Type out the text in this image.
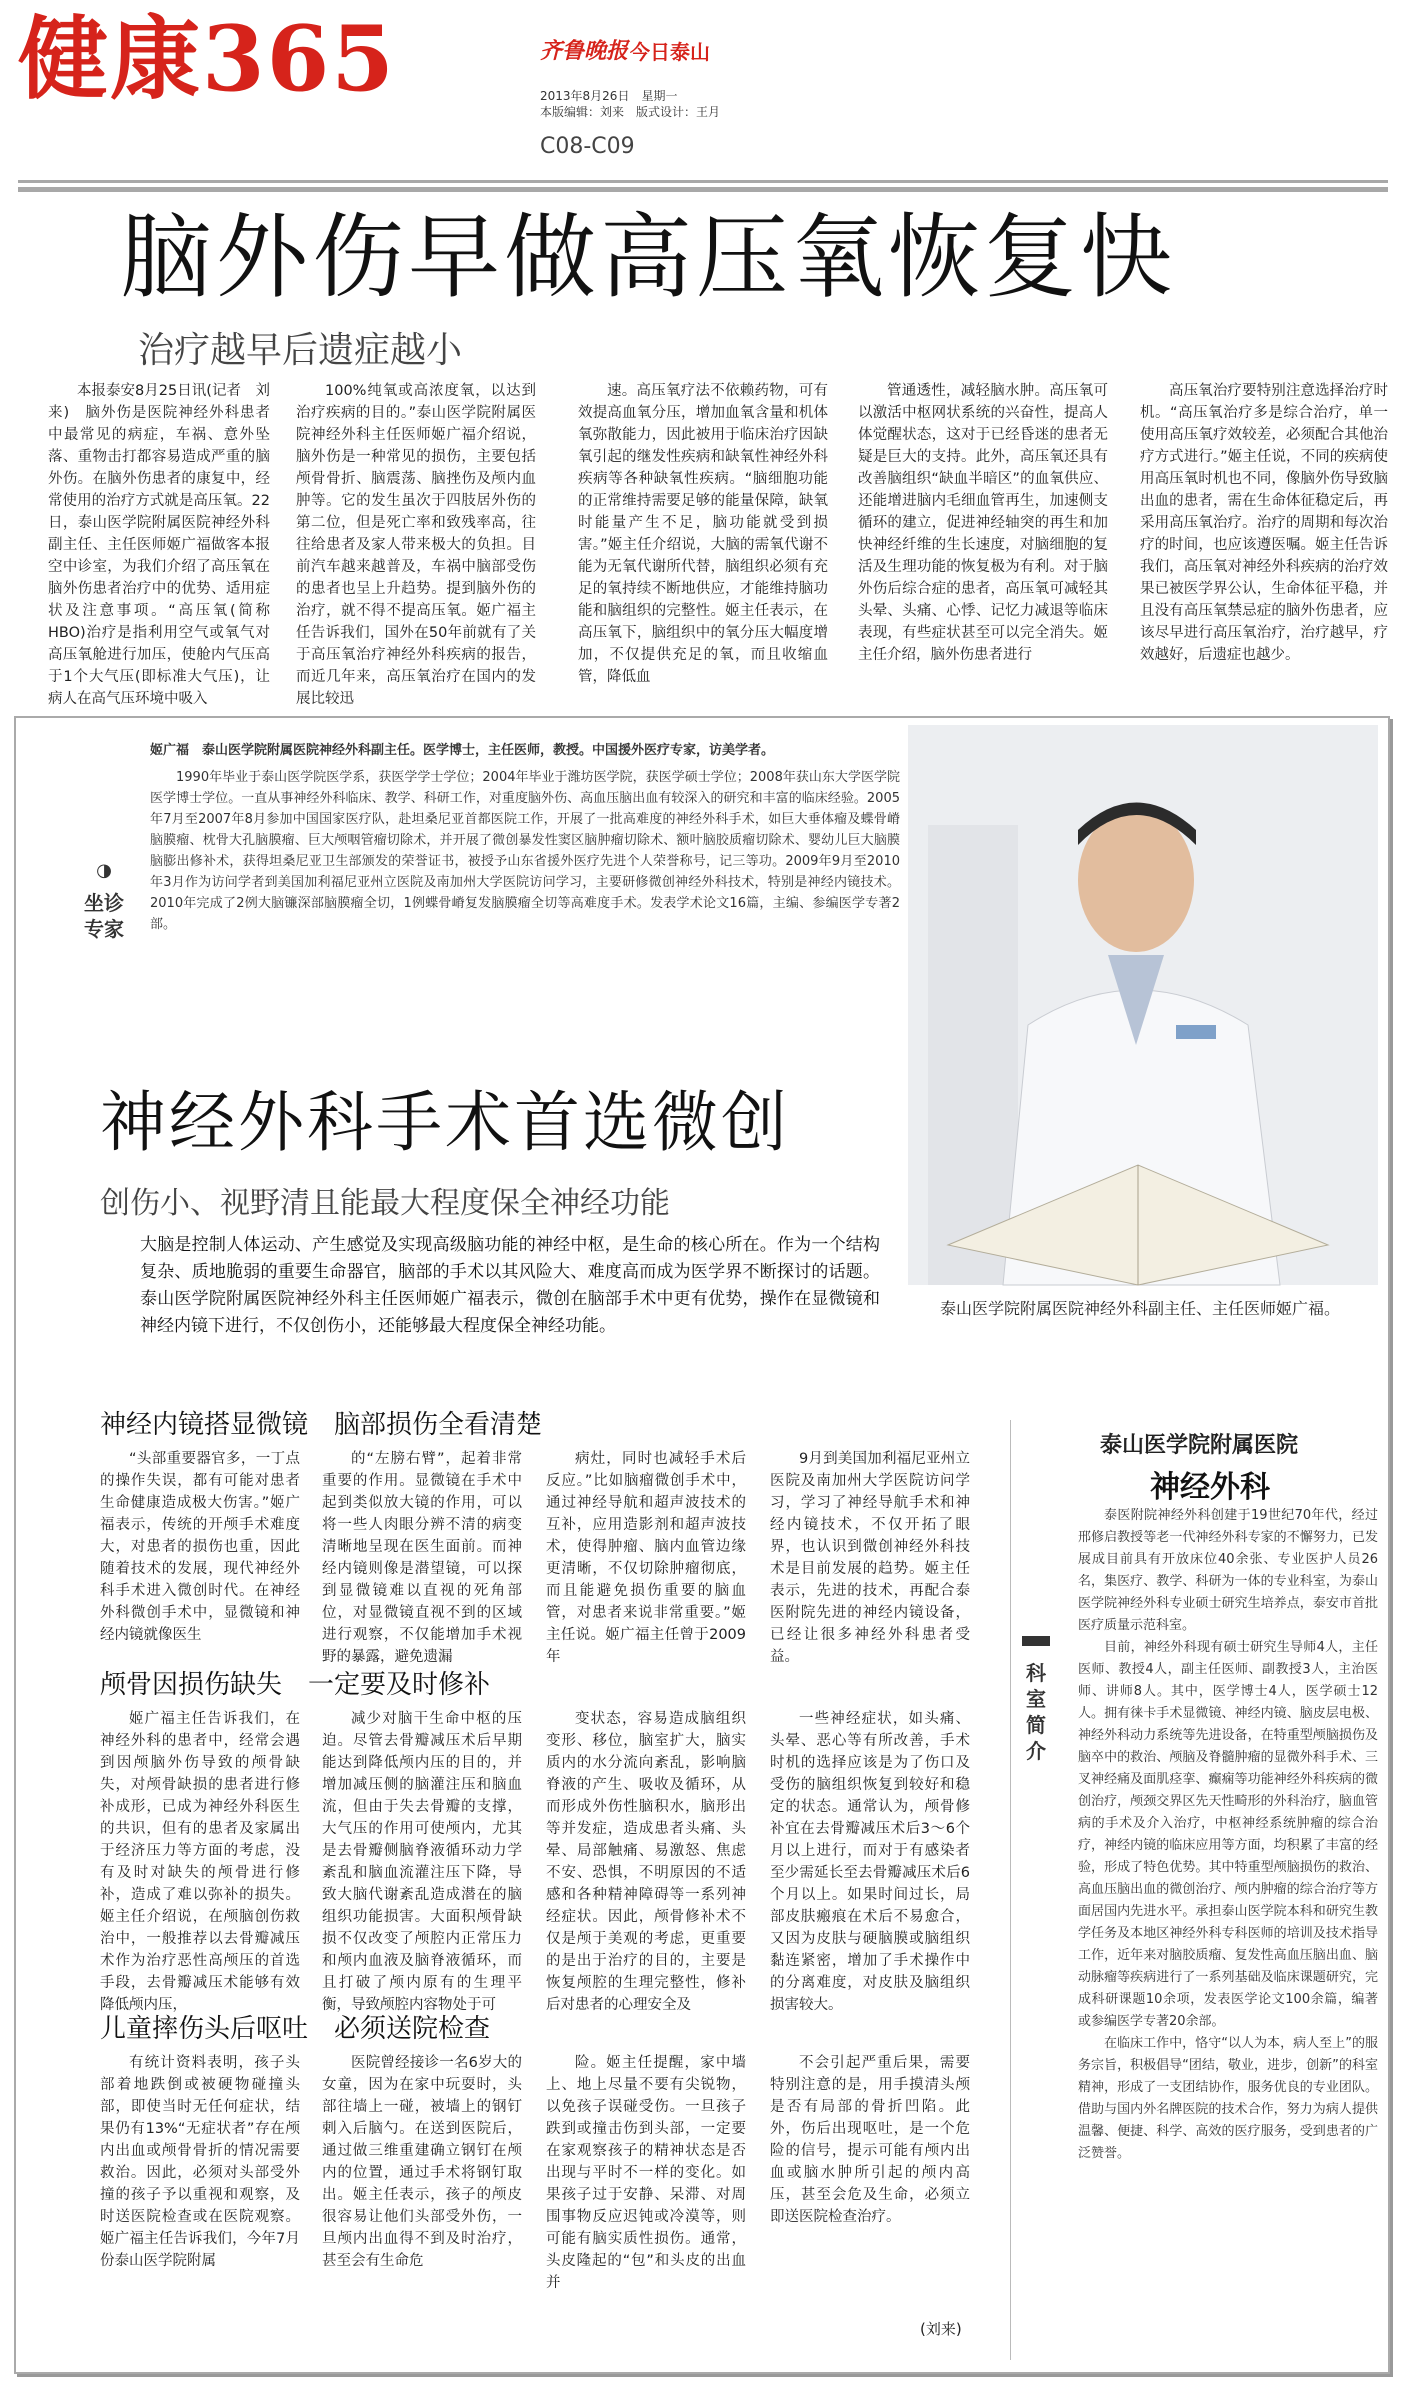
健康365	齐鲁晚报 今日泰山
2013年8月26日　星期一
本版编辑：刘来　版式设计：王月
C08-C09
脑外伤早做高压氧恢复快
治疗越早后遗症越小

本报泰安8月25日讯(记者　刘来)　脑外伤是医院神经外科患者中最常见的病症，车祸、意外坠落、重物击打都容易造成严重的脑外伤。在脑外伤患者的康复中，经常使用的治疗方式就是高压氧。22日，泰山医学院附属医院神经外科副主任、主任医师姬广福做客本报空中诊室，为我们介绍了高压氧在脑外伤患者治疗中的优势、适用症状及注意事项。“高压氧(简称HBO)治疗是指利用空气或氧气对高压氧舱进行加压，使舱内气压高于1个大气压(即标准大气压)，让病人在高气压环境中吸入

100%纯氧或高浓度氧，以达到治疗疾病的目的。”泰山医学院附属医院神经外科主任医师姬广福介绍说，脑外伤是一种常见的损伤，主要包括颅骨骨折、脑震荡、脑挫伤及颅内血肿等。它的发生虽次于四肢居外伤的第二位，但是死亡率和致残率高，往往给患者及家人带来极大的负担。目前汽车越来越普及，车祸中脑部受伤的患者也呈上升趋势。提到脑外伤的治疗，就不得不提高压氧。姬广福主任告诉我们，国外在50年前就有了关于高压氧治疗神经外科疾病的报告，而近几年来，高压氧治疗在国内的发展比较迅

速。高压氧疗法不依赖药物，可有效提高血氧分压，增加血氧含量和机体氧弥散能力，因此被用于临床治疗因缺氧引起的继发性疾病和缺氧性神经外科疾病等各种缺氧性疾病。“脑细胞功能的正常维持需要足够的能量保障，缺氧时能量产生不足，脑功能就受到损害。”姬主任介绍说，大脑的需氧代谢不能为无氧代谢所代替，脑组织必须有充足的氧持续不断地供应，才能维持脑功能和脑组织的完整性。姬主任表示，在高压氧下，脑组织中的氧分压大幅度增加，不仅提供充足的氧，而且收缩血管，降低血

管通透性，减轻脑水肿。高压氧可以激活中枢网状系统的兴奋性，提高人体觉醒状态，这对于已经昏迷的患者无疑是巨大的支持。此外，高压氧还具有改善脑组织“缺血半暗区”的血氧供应、还能增进脑内毛细血管再生，加速侧支循环的建立，促进神经轴突的再生和加快神经纤维的生长速度，对脑细胞的复活及生理功能的恢复极为有利。对于脑外伤后综合症的患者，高压氧可减轻其头晕、头痛、心悸、记忆力减退等临床表现，有些症状甚至可以完全消失。姬主任介绍，脑外伤患者进行

高压氧治疗要特别注意选择治疗时机。“高压氧治疗多是综合治疗，单一使用高压氧疗效较差，必须配合其他治疗方式进行。”姬主任说，不同的疾病使用高压氧时机也不同，像脑外伤导致脑出血的患者，需在生命体征稳定后，再采用高压氧治疗。治疗的周期和每次治疗的时间，也应该遵医嘱。姬主任告诉我们，高压氧对神经外科疾病的治疗效果已被医学界公认，生命体征平稳，并且没有高压氧禁忌症的脑外伤患者，应该尽早进行高压氧治疗，治疗越早，疗效越好，后遗症也越少。

◑
坐诊专家

姬广福　泰山医学院附属医院神经外科副主任。医学博士，主任医师，教授。中国援外医疗专家，访美学者。

1990年毕业于泰山医学院医学系，获医学学士学位；2004年毕业于潍坊医学院，获医学硕士学位；2008年获山东大学医学院医学博士学位。一直从事神经外科临床、教学、科研工作，对重度脑外伤、高血压脑出血有较深入的研究和丰富的临床经验。2005年7月至2007年8月参加中国国家医疗队，赴坦桑尼亚首都医院工作，开展了一批高难度的神经外科手术，如巨大垂体瘤及蝶骨嵴脑膜瘤、枕骨大孔脑膜瘤、巨大颅咽管瘤切除术，并开展了微创暴发性窦区脑肿瘤切除术、额叶脑胶质瘤切除术、婴幼儿巨大脑膜脑膨出修补术，获得坦桑尼亚卫生部颁发的荣誉证书，被授予山东省援外医疗先进个人荣誉称号，记三等功。2009年9月至2010年3月作为访问学者到美国加利福尼亚州立医院及南加州大学医院访问学习，主要研修微创神经外科技术，特别是神经内镜技术。2010年完成了2例大脑镰深部脑膜瘤全切，1例蝶骨嵴复发脑膜瘤全切等高难度手术。发表学术论文16篇，主编、参编医学专著2部。

泰山医学院附属医院神经外科副主任、主任医师姬广福。
神经外科手术首选微创
创伤小、视野清且能最大程度保全神经功能
大脑是控制人体运动、产生感觉及实现高级脑功能的神经中枢，是生命的核心所在。作为一个结构复杂、质地脆弱的重要生命器官，脑部的手术以其风险大、难度高而成为医学界不断探讨的话题。泰山医学院附属医院神经外科主任医师姬广福表示，微创在脑部手术中更有优势，操作在显微镜和神经内镜下进行，不仅创伤小，还能够最大程度保全神经功能。
神经内镜搭显微镜　脑部损伤全看清楚

“头部重要器官多，一丁点的操作失误，都有可能对患者生命健康造成极大伤害。”姬广福表示，传统的开颅手术难度大，对患者的损伤也重，因此随着技术的发展，现代神经外科手术进入微创时代。在神经外科微创手术中，显微镜和神经内镜就像医生

的“左膀右臂”，起着非常重要的作用。显微镜在手术中起到类似放大镜的作用，可以将一些人肉眼分辨不清的病变清晰地呈现在医生面前。而神经内镜则像是潜望镜，可以探到显微镜难以直视的死角部位，对显微镜直视不到的区域进行观察，不仅能增加手术视野的暴露，避免遗漏

病灶，同时也减轻手术后反应。”比如脑瘤微创手术中，通过神经导航和超声波技术的互补，应用造影剂和超声波技术，使得肿瘤、脑内血管边缘更清晰，不仅切除肿瘤彻底，而且能避免损伤重要的脑血管，对患者来说非常重要。”姬主任说。姬广福主任曾于2009年

9月到美国加利福尼亚州立医院及南加州大学医院访问学习，学习了神经导航手术和神经内镜技术，不仅开拓了眼界，也认识到微创神经外科技术是目前发展的趋势。姬主任表示，先进的技术，再配合泰医附院先进的神经内镜设备，已经让很多神经外科患者受益。

颅骨因损伤缺失　一定要及时修补

姬广福主任告诉我们，在神经外科的患者中，经常会遇到因颅脑外伤导致的颅骨缺失，对颅骨缺损的患者进行修补成形，已成为神经外科医生的共识，但有的患者及家属出于经济压力等方面的考虑，没有及时对缺失的颅骨进行修补，造成了难以弥补的损失。姬主任介绍说，在颅脑创伤救治中，一般推荐以去骨瓣减压术作为治疗恶性高颅压的首选手段，去骨瓣减压术能够有效降低颅内压，

减少对脑干生命中枢的压迫。尽管去骨瓣减压术后早期能达到降低颅内压的目的，并增加减压侧的脑灌注压和脑血流，但由于失去骨瓣的支撑，大气压的作用可使颅内，尤其是去骨瓣侧脑脊液循环动力学紊乱和脑血流灌注压下降，导致大脑代谢紊乱造成潜在的脑组织功能损害。大面积颅骨缺损不仅改变了颅腔内正常压力和颅内血液及脑脊液循环，而且打破了颅内原有的生理平衡，导致颅腔内容物处于可

变状态，容易造成脑组织变形、移位，脑室扩大，脑实质内的水分流向紊乱，影响脑脊液的产生、吸收及循环，从而形成外伤性脑积水，脑形出等并发症，造成患者头痛、头晕、局部触痛、易激怒、焦虑不安、恐惧，不明原因的不适感和各种精神障碍等一系列神经症状。因此，颅骨修补术不仅是颅于美观的考虑，更重要的是出于治疗的目的，主要是恢复颅腔的生理完整性，修补后对患者的心理安全及

一些神经症状，如头痛、头晕、恶心等有所改善，手术时机的选择应该是为了伤口及受伤的脑组织恢复到较好和稳定的状态。通常认为，颅骨修补宜在去骨瓣减压术后3～6个月以上进行，而对于有感染者至少需延长至去骨瓣减压术后6个月以上。如果时间过长，局部皮肤瘢痕在术后不易愈合，又因为皮肤与硬脑膜或脑组织黏连紧密，增加了手术操作中的分离难度，对皮肤及脑组织损害较大。

儿童摔伤头后呕吐　必须送院检查

有统计资料表明，孩子头部着地跌倒或被硬物碰撞头部，即使当时无任何症状，结果仍有13%“无症状者”存在颅内出血或颅骨骨折的情况需要救治。因此，必须对头部受外撞的孩子予以重视和观察，及时送医院检查或在医院观察。姬广福主任告诉我们，今年7月份泰山医学院附属

医院曾经接诊一名6岁大的女童，因为在家中玩耍时，头部往墙上一碰，被墙上的钢钉刺入后脑勺。在送到医院后，通过做三维重建确立钢钉在颅内的位置，通过手术将钢钉取出。姬主任表示，孩子的颅皮很容易让他们头部受外伤，一旦颅内出血得不到及时治疗，甚至会有生命危

险。姬主任提醒，家中墙上、地上尽量不要有尖锐物，以免孩子误碰受伤。一旦孩子跌到或撞击伤到头部，一定要在家观察孩子的精神状态是否出现与平时不一样的变化。如果孩子过于安静、呆滞、对周围事物反应迟钝或冷漠等，则可能有脑实质性损伤。通常，头皮隆起的“包”和头皮的出血并

不会引起严重后果，需要特别注意的是，用手摸清头颅是否有局部的骨折凹陷。此外，伤后出现呕吐，是一个危险的信号，提示可能有颅内出血或脑水肿所引起的颅内高压，甚至会危及生命，必须立即送医院检查治疗。

(刘来)
泰山医学院附属医院
神经外科
科室简介

泰医附院神经外科创建于19世纪70年代，经过邢修启教授等老一代神经外科专家的不懈努力，已发展成目前具有开放床位40余张、专业医护人员26名，集医疗、教学、科研为一体的专业科室，为泰山医学院神经外科专业硕士研究生培养点，泰安市首批医疗质量示范科室。

目前，神经外科现有硕士研究生导师4人，主任医师、教授4人，副主任医师、副教授3人，主治医师、讲师8人。其中，医学博士4人，医学硕士12人。拥有徕卡手术显微镜、神经内镜、脑皮层电极、神经外科动力系统等先进设备，在特重型颅脑损伤及脑卒中的救治、颅脑及脊髓肿瘤的显微外科手术、三叉神经痛及面肌痉挛、癫痫等功能神经外科疾病的微创治疗，颅颈交界区先天性畸形的外科治疗，脑血管病的手术及介入治疗，中枢神经系统肿瘤的综合治疗，神经内镜的临床应用等方面，均积累了丰富的经验，形成了特色优势。其中特重型颅脑损伤的救治、高血压脑出血的微创治疗、颅内肿瘤的综合治疗等方面居国内先进水平。承担泰山医学院本科和研究生教学任务及本地区神经外科专科医师的培训及技术指导工作，近年来对脑胶质瘤、复发性高血压脑出血、脑动脉瘤等疾病进行了一系列基础及临床课题研究，完成科研课题10余项，发表医学论文100余篇，编著或参编医学专著20余部。

在临床工作中，恪守“以人为本，病人至上”的服务宗旨，积极倡导“团结，敬业，进步，创新”的科室精神，形成了一支团结协作，服务优良的专业团队。借助与国内外名牌医院的技术合作，努力为病人提供温馨、便捷、科学、高效的医疗服务，受到患者的广泛赞誉。
